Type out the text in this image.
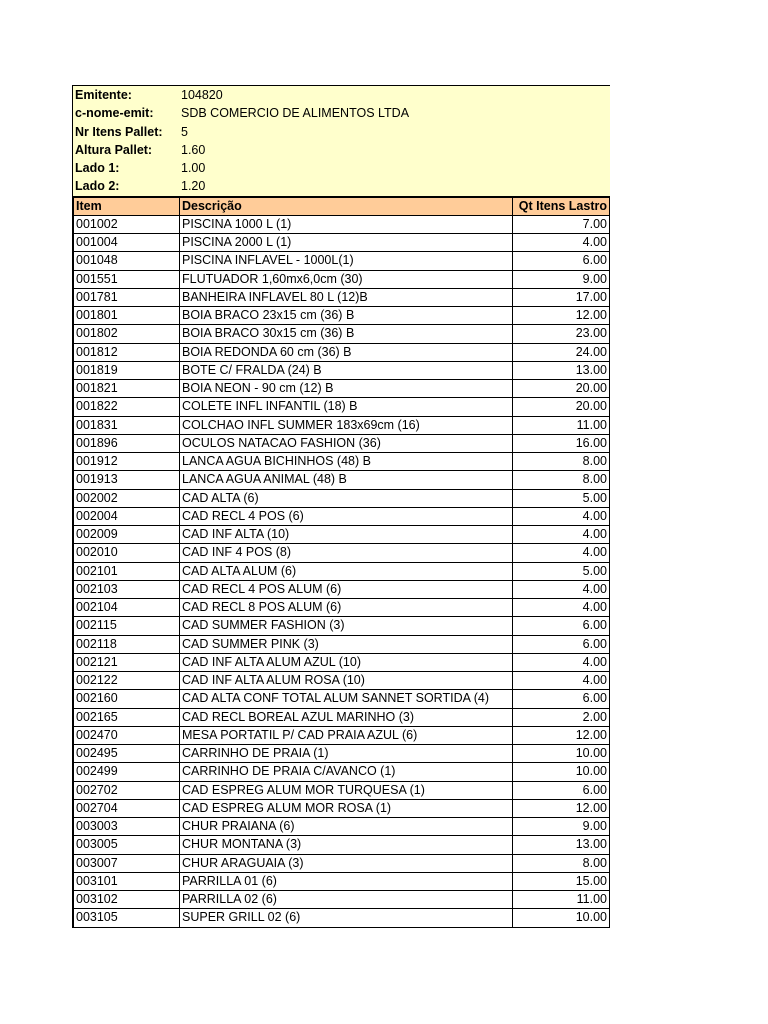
Emitente:	104820
c-nome-emit:	SDB COMERCIO DE ALIMENTOS LTDA
Nr Itens Pallet:	5
Altura Pallet:	1.60
Lado 1:	1.00
Lado 2:	1.20
Item	Descrição	Qt Itens Lastro
001002	PISCINA 1000 L (1)	7.00
001004	PISCINA 2000 L (1)	4.00
001048	PISCINA INFLAVEL - 1000L(1)	6.00
001551	FLUTUADOR 1,60mx6,0cm (30)	9.00
001781	BANHEIRA INFLAVEL 80 L (12)B	17.00
001801	BOIA BRACO 23x15 cm (36) B	12.00
001802	BOIA BRACO 30x15 cm (36) B	23.00
001812	BOIA REDONDA 60 cm (36) B	24.00
001819	BOTE C/ FRALDA (24) B	13.00
001821	BOIA NEON - 90 cm (12) B	20.00
001822	COLETE INFL INFANTIL (18) B	20.00
001831	COLCHAO INFL SUMMER 183x69cm (16)	11.00
001896	OCULOS NATACAO FASHION (36)	16.00
001912	LANCA AGUA BICHINHOS (48) B	8.00
001913	LANCA AGUA ANIMAL (48) B	8.00
002002	CAD ALTA (6)	5.00
002004	CAD RECL 4 POS (6)	4.00
002009	CAD INF ALTA (10)	4.00
002010	CAD INF 4 POS (8)	4.00
002101	CAD ALTA ALUM (6)	5.00
002103	CAD RECL 4 POS ALUM (6)	4.00
002104	CAD RECL 8 POS ALUM (6)	4.00
002115	CAD SUMMER FASHION (3)	6.00
002118	CAD SUMMER PINK (3)	6.00
002121	CAD INF ALTA ALUM AZUL (10)	4.00
002122	CAD INF ALTA ALUM ROSA (10)	4.00
002160	CAD ALTA CONF TOTAL ALUM SANNET SORTIDA (4)	6.00
002165	CAD RECL BOREAL AZUL MARINHO (3)	2.00
002470	MESA PORTATIL P/ CAD PRAIA AZUL (6)	12.00
002495	CARRINHO DE PRAIA (1)	10.00
002499	CARRINHO DE PRAIA C/AVANCO (1)	10.00
002702	CAD ESPREG ALUM MOR TURQUESA (1)	6.00
002704	CAD ESPREG ALUM MOR ROSA (1)	12.00
003003	CHUR PRAIANA (6)	9.00
003005	CHUR MONTANA (3)	13.00
003007	CHUR ARAGUAIA (3)	8.00
003101	PARRILLA 01 (6)	15.00
003102	PARRILLA 02 (6)	11.00
003105	SUPER GRILL 02 (6)	10.00
